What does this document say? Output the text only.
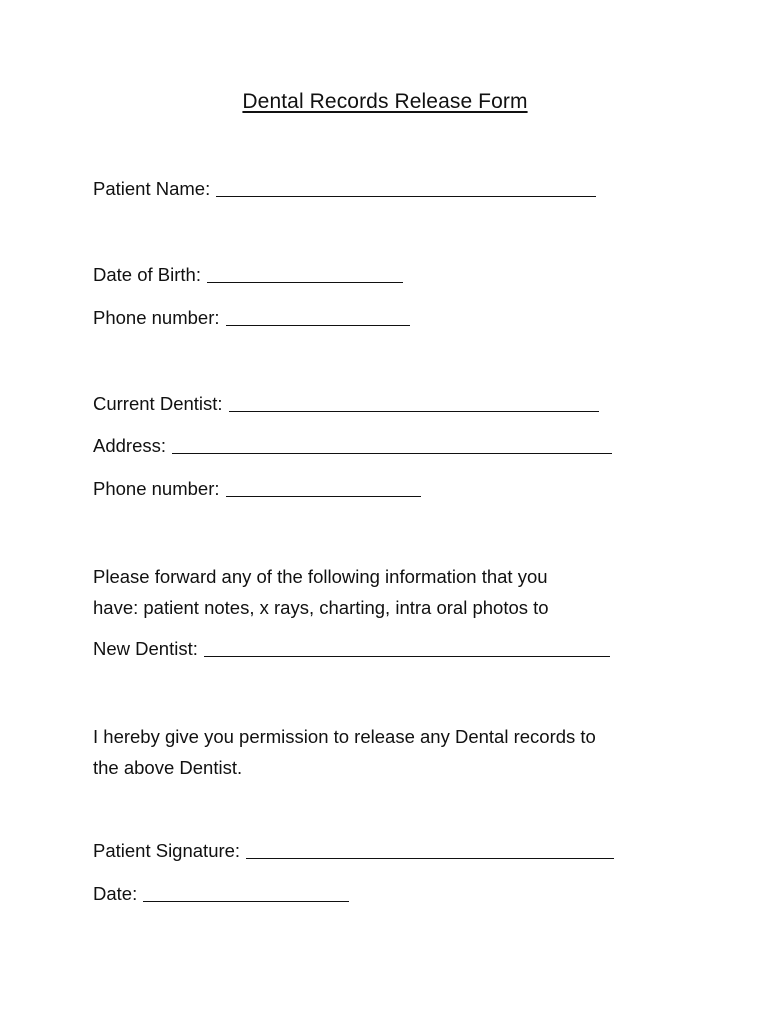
Dental Records Release Form
Patient Name:
Date of Birth:
Phone number:
Current Dentist:
Address:
Phone number:
Please forward any of the following information that you
have: patient notes, x rays, charting, intra oral photos to
New Dentist:
I hereby give you permission to release any Dental records to
the above Dentist.
Patient Signature:
Date:
